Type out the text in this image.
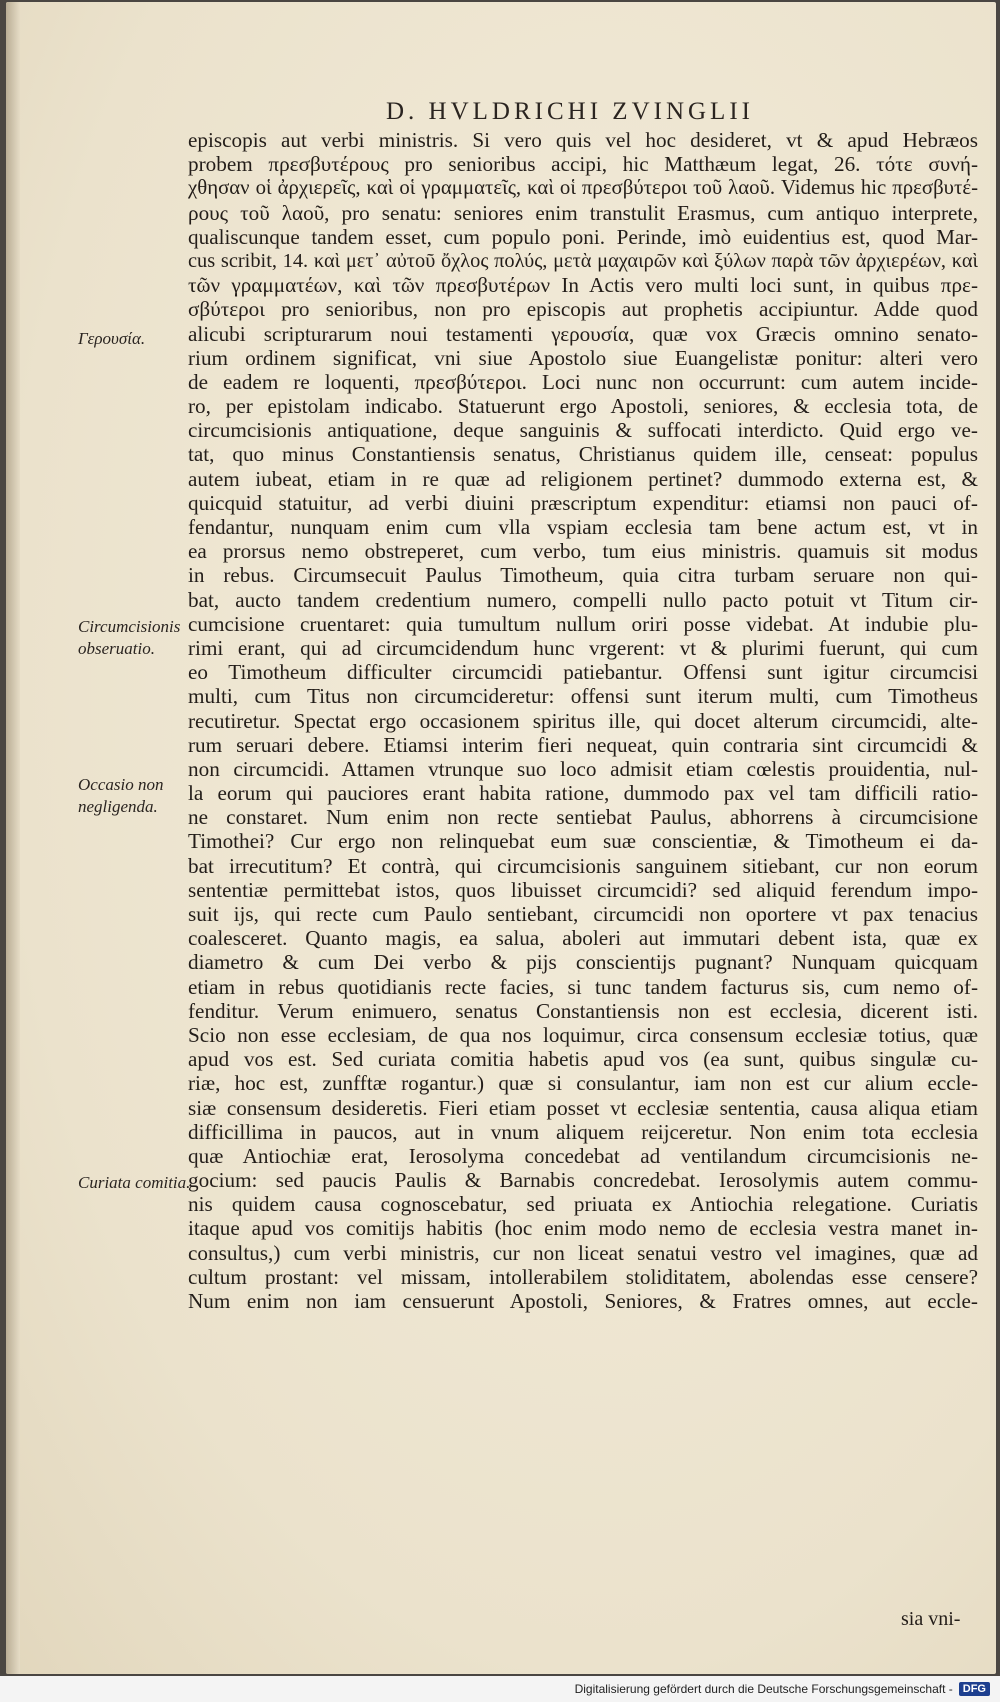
D. HVLDRICHI ZVINGLII
Γερουσία.
Circumcisionis obseruatio.
Occasio non negligenda.
Curiata comitia.
episcopis aut verbi ministris. Si vero quis vel hoc desideret, vt & apud Hebræos
probem πρεσβυτέρους pro senioribus accipi, hic Matthæum legat, 26. τότε συνή-
χθησαν οἱ ἀρχιερεῖς, καὶ οἱ γραμματεῖς, καὶ οἱ πρεσβύτεροι τοῦ λαοῦ. Videmus hic πρεσβυτέ-
ρους τοῦ λαοῦ, pro senatu: seniores enim transtulit Erasmus, cum antiquo interprete,
qualiscunque tandem esset, cum populo poni. Perinde, imò euidentius est, quod Mar-
cus scribit, 14. καὶ μετ᾽ αὐτοῦ ὄχλος πολύς, μετὰ μαχαιρῶν καὶ ξύλων παρὰ τῶν ἀρχιερέων, καὶ
τῶν γραμματέων, καὶ τῶν πρεσβυτέρων In Actis vero multi loci sunt, in quibus πρε-
σβύτεροι pro senioribus, non pro episcopis aut prophetis accipiuntur. Adde quod
alicubi scripturarum noui testamenti γερουσία, quæ vox Græcis omnino senato-
rium ordinem significat, vni siue Apostolo siue Euangelistæ ponitur: alteri vero
de eadem re loquenti, πρεσβύτεροι. Loci nunc non occurrunt: cum autem incide-
ro, per epistolam indicabo. Statuerunt ergo Apostoli, seniores, & ecclesia tota, de
circumcisionis antiquatione, deque sanguinis & suffocati interdicto. Quid ergo ve-
tat, quo minus Constantiensis senatus, Christianus quidem ille, censeat: populus
autem iubeat, etiam in re quæ ad religionem pertinet? dummodo externa est, &
quicquid statuitur, ad verbi diuini præscriptum expenditur: etiamsi non pauci of-
fendantur, nunquam enim cum vlla vspiam ecclesia tam bene actum est, vt in
ea prorsus nemo obstreperet, cum verbo, tum eius ministris. quamuis sit modus
in rebus. Circumsecuit Paulus Timotheum, quia citra turbam seruare non qui-
bat, aucto tandem credentium numero, compelli nullo pacto potuit vt Titum cir-
cumcisione cruentaret: quia tumultum nullum oriri posse videbat. At indubie plu-
rimi erant, qui ad circumcidendum hunc vrgerent: vt & plurimi fuerunt, qui cum
eo Timotheum difficulter circumcidi patiebantur. Offensi sunt igitur circumcisi
multi, cum Titus non circumcideretur: offensi sunt iterum multi, cum Timotheus
recutiretur. Spectat ergo occasionem spiritus ille, qui docet alterum circumcidi, alte-
rum seruari debere. Etiamsi interim fieri nequeat, quin contraria sint circumcidi &
non circumcidi. Attamen vtrunque suo loco admisit etiam cœlestis prouidentia, nul-
la eorum qui pauciores erant habita ratione, dummodo pax vel tam difficili ratio-
ne constaret. Num enim non recte sentiebat Paulus, abhorrens à circumcisione
Timothei? Cur ergo non relinquebat eum suæ conscientiæ, & Timotheum ei da-
bat irrecutitum? Et contrà, qui circumcisionis sanguinem sitiebant, cur non eorum
sententiæ permittebat istos, quos libuisset circumcidi? sed aliquid ferendum impo-
suit ijs, qui recte cum Paulo sentiebant, circumcidi non oportere vt pax tenacius
coalesceret. Quanto magis, ea salua, aboleri aut immutari debent ista, quæ ex
diametro & cum Dei verbo & pijs conscientijs pugnant? Nunquam quicquam
etiam in rebus quotidianis recte facies, si tunc tandem facturus sis, cum nemo of-
fenditur. Verum enimuero, senatus Constantiensis non est ecclesia, dicerent isti.
Scio non esse ecclesiam, de qua nos loquimur, circa consensum ecclesiæ totius, quæ
apud vos est. Sed curiata comitia habetis apud vos (ea sunt, quibus singulæ cu-
riæ, hoc est, zunfftæ rogantur.) quæ si consulantur, iam non est cur alium eccle-
siæ consensum desideretis. Fieri etiam posset vt ecclesiæ sententia, causa aliqua etiam
difficillima in paucos, aut in vnum aliquem reijceretur. Non enim tota ecclesia
quæ Antiochiæ erat, Ierosolyma concedebat ad ventilandum circumcisionis ne-
gocium: sed paucis Paulis & Barnabis concredebat. Ierosolymis autem commu-
nis quidem causa cognoscebatur, sed priuata ex Antiochia relegatione. Curiatis
itaque apud vos comitijs habitis (hoc enim modo nemo de ecclesia vestra manet in-
consultus,) cum verbi ministris, cur non liceat senatui vestro vel imagines, quæ ad
cultum prostant: vel missam, intollerabilem stoliditatem, abolendas esse censere?
Num enim non iam censuerunt Apostoli, Seniores, & Fratres omnes, aut eccle-
sia vni-
Digitalisierung gefördert durch die Deutsche Forschungsgemeinschaft - DFG
